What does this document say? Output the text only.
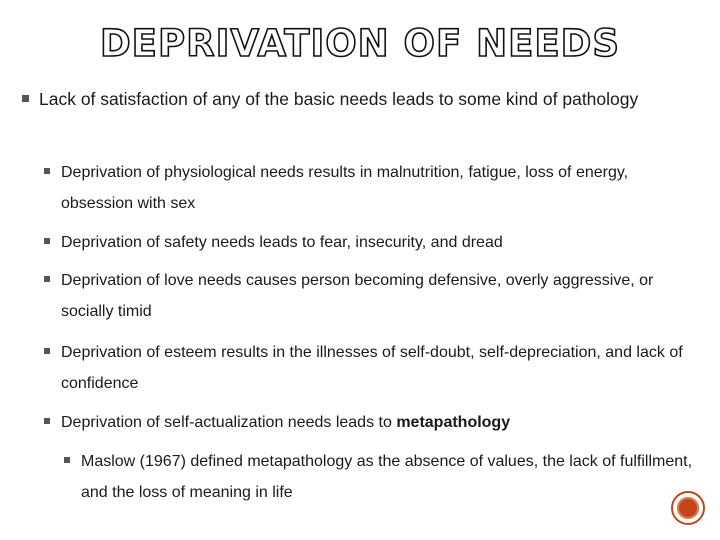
DEPRIVATION OF NEEDS
Lack of satisfaction of any of the basic needs leads to some kind of pathology
Deprivation of physiological needs results in malnutrition, fatigue, loss of energy, obsession with sex
Deprivation of safety needs leads to fear, insecurity, and dread
Deprivation of love needs causes person becoming defensive, overly aggressive, or socially timid
Deprivation of esteem results in the illnesses of self-doubt, self-depreciation, and lack of confidence
Deprivation of self-actualization needs leads to metapathology
Maslow (1967) defined metapathology as the absence of values, the lack of fulfillment, and the loss of meaning in life
